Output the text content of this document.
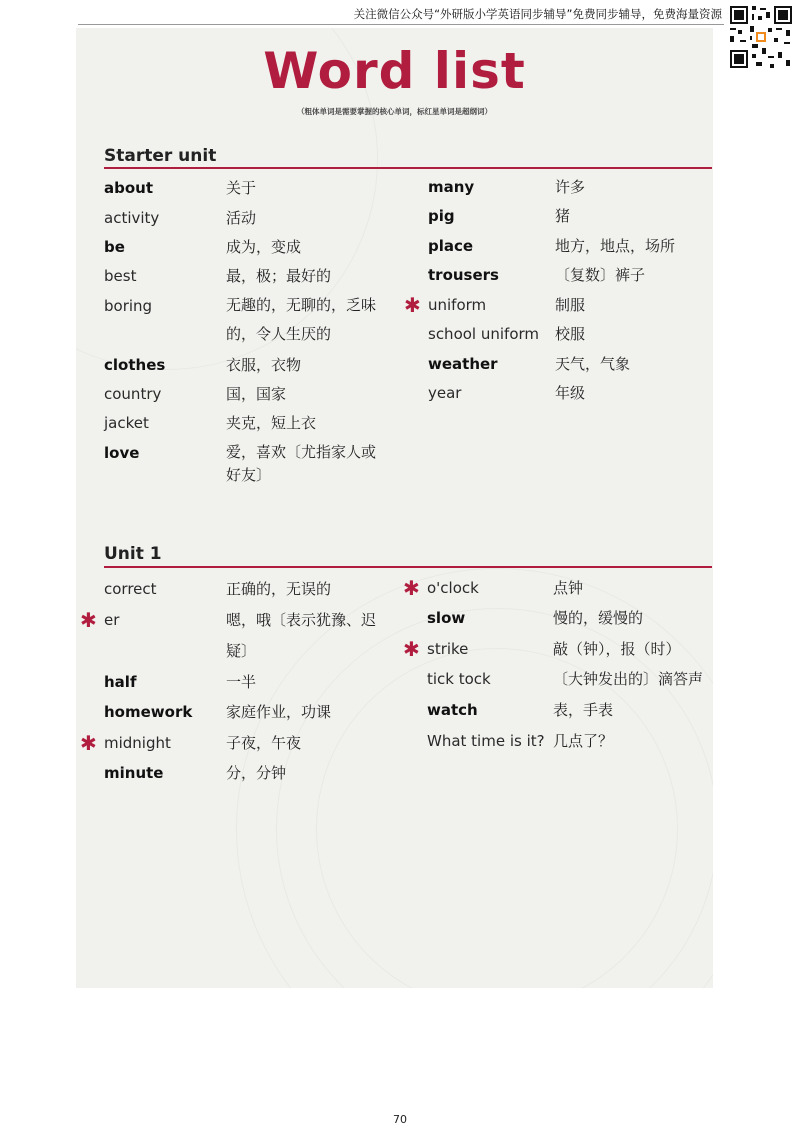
关注微信公众号“外研版小学英语同步辅导”免费同步辅导，免费海量资源
Word list
（粗体单词是需要掌握的核心单词，标红星单词是超纲词）
Starter unit
about	关于
activity	活动
be	成为，变成
best	最，极；最好的
boring	无趣的，无聊的，乏味的，令人生厌的
clothes	衣服，衣物
country	国，国家
jacket	夹克，短上衣
love	爱，喜欢〔尤指家人或好友〕
many	许多
pig	猪
place	地方，地点，场所
trousers	〔复数〕裤子
✱ uniform	制服
school uniform 校服
weather	天气，气象
year	年级
Unit 1
correct	正确的，无误的
✱ er	嗯，哦〔表示犹豫、迟疑〕
half	一半
homework 家庭作业，功课
✱ midnight	子夜，午夜
minute	分，分钟
✱ o'clock	点钟
slow	慢的，缓慢的
✱ strike	敲（钟），报（时）
tick tock	〔大钟发出的〕滴答声
watch	表，手表
What time is it? 几点了？
70
